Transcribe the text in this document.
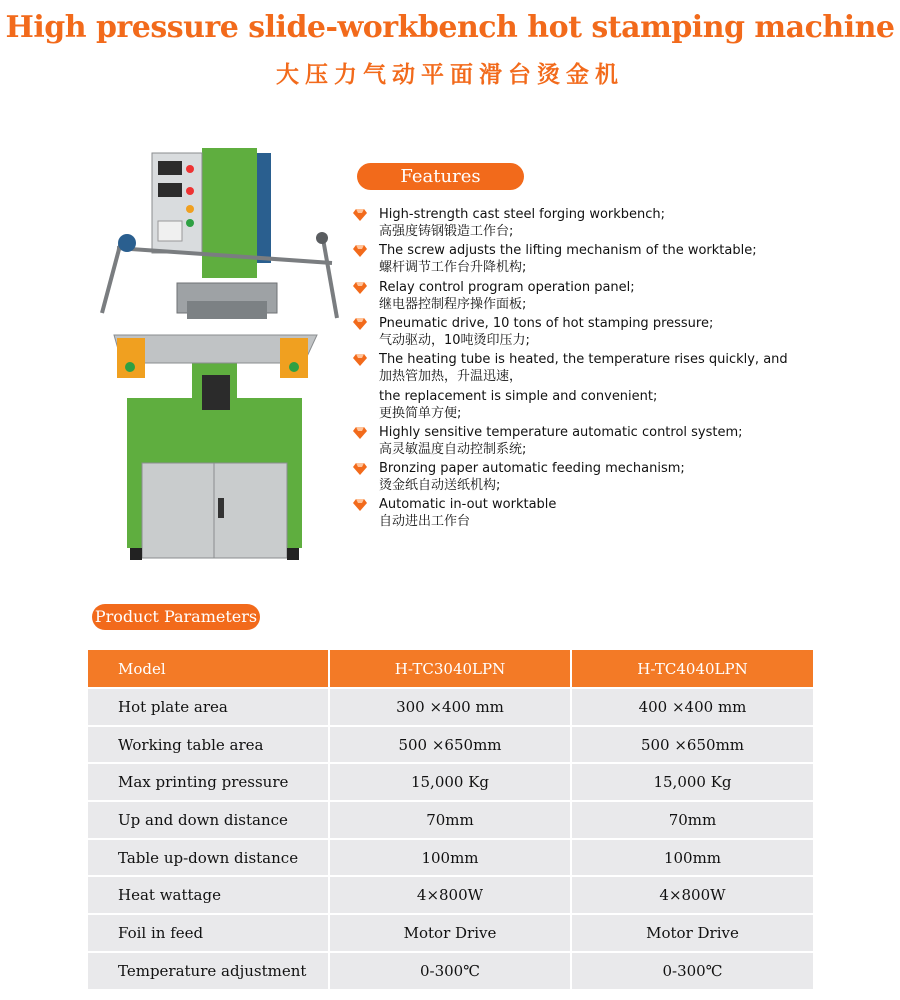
High pressure slide-workbench hot stamping machine
大压力气动平面滑台烫金机
Features
High-strength cast steel forging workbench;
高强度铸钢锻造工作台;
The screw adjusts the lifting mechanism of the worktable;
螺杆调节工作台升降机构;
Relay control program operation panel;
继电器控制程序操作面板;
Pneumatic drive, 10 tons of hot stamping pressure;
气动驱动，10吨烫印压力;
The heating tube is heated, the temperature rises quickly, and
加热管加热，升温迅速，
the replacement is simple and convenient;
更换简单方便;
Highly sensitive temperature automatic control system;
高灵敏温度自动控制系统;
Bronzing paper automatic feeding mechanism;
烫金纸自动送纸机构;
Automatic in-out worktable
自动进出工作台
Product Parameters
Model	H-TC3040LPN	H-TC4040LPN
Hot plate area	300 ×400 mm	400 ×400 mm
Working table area	500 ×650mm	500 ×650mm
Max printing pressure	15,000 Kg	15,000 Kg
Up and down distance	70mm	70mm
Table up-down distance	100mm	100mm
Heat wattage	4×800W	4×800W
Foil in feed	Motor Drive	Motor Drive
Temperature adjustment	0-300℃	0-300℃
